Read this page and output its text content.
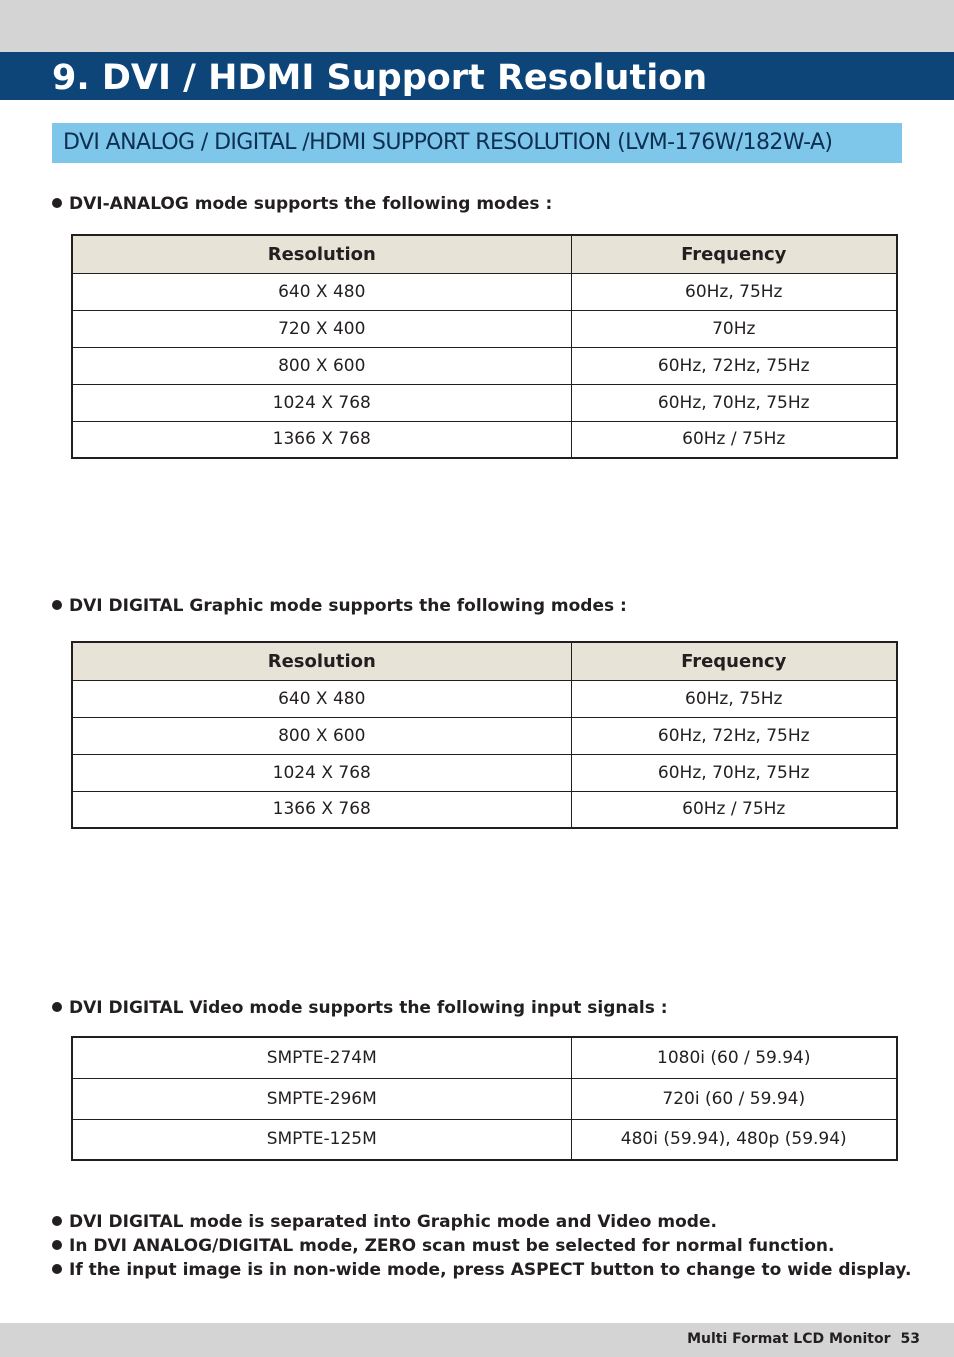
9. DVI / HDMI Support Resolution
DVI ANALOG / DIGITAL /HDMI SUPPORT RESOLUTION (LVM-176W/182W-A)
DVI-ANALOG mode supports the following modes :
Resolution	Frequency
640 X 480	60Hz, 75Hz
720 X 400	70Hz
800 X 600	60Hz, 72Hz, 75Hz
1024 X 768	60Hz, 70Hz, 75Hz
1366 X 768	60Hz / 75Hz
DVI DIGITAL Graphic mode supports the following modes :
Resolution	Frequency
640 X 480	60Hz, 75Hz
800 X 600	60Hz, 72Hz, 75Hz
1024 X 768	60Hz, 70Hz, 75Hz
1366 X 768	60Hz / 75Hz
DVI DIGITAL Video mode supports the following input signals :
SMPTE-274M	1080i (60 / 59.94)
SMPTE-296M	720i (60 / 59.94)
SMPTE-125M	480i (59.94), 480p (59.94)
DVI DIGITAL mode is separated into Graphic mode and Video mode.
In DVI ANALOG/DIGITAL mode, ZERO scan must be selected for normal function.
If the input image is in non-wide mode, press ASPECT button to change to wide display.
Multi Format LCD Monitor 53
